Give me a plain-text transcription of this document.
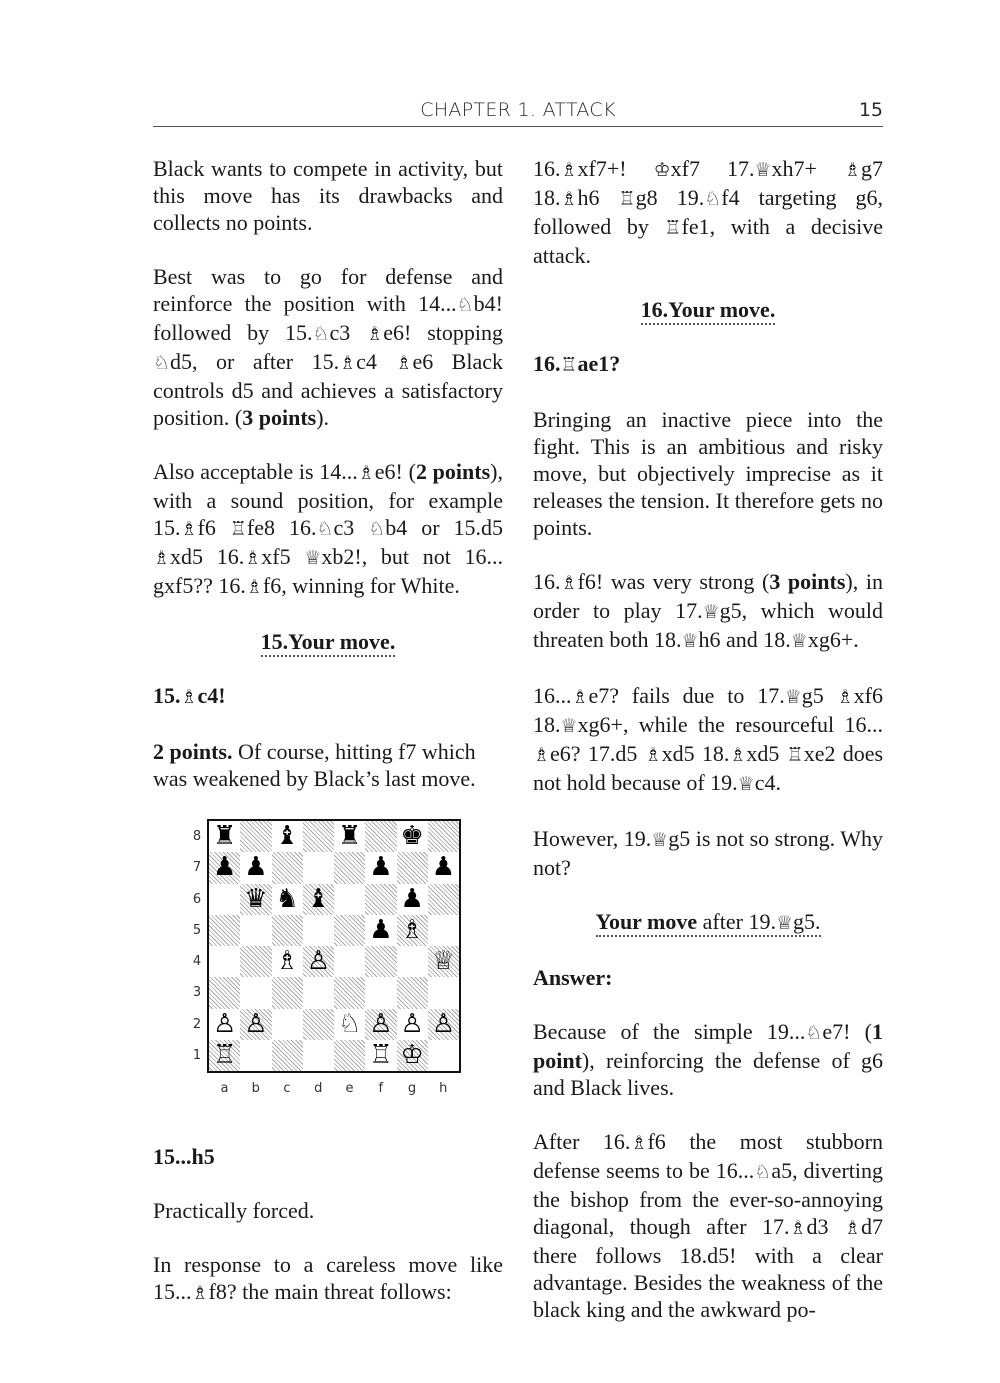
CHAPTER 1. ATTACK	15

Black wants to compete in activity, but this move has its drawbacks and collects no points.

Best was to go for defense and reinforce the position with 14...♘b4! followed by 15.♘c3 ♗e6! stopping ♘d5, or after 15.♗c4 ♗e6 Black controls d5 and achieves a satisfactory position. (3 points).

Also acceptable is 14...♗e6! (2 points), with a sound position, for example 15.♗f6 ♖fe8 16.♘c3 ♘b4 or 15.d5 ♗xd5 16.♗xf5 ♕xb2!, but not 16... gxf5?? 16.♗f6, winning for White.

15.Your move.

15.♗c4!

2 points. Of course, hitting f7 which was weakened by Black’s last move.

♜ ♝ ♜ ♚
♟ ♟	♟ ♟
♛ ♞ ♝	♟
♟ ♗
♗ ♙	♕
♙ ♙	♘ ♙ ♙ ♙
♖	♖ ♔
8
7
6
5
4
3
2
1
a	b	c	d	e	f	g	h

15...h5

Practically forced.

In response to a careless move like 15...♗f8? the main threat follows:

16.♗xf7+! ♔xf7 17.♕xh7+ ♗g7 18.♗h6 ♖g8 19.♘f4 targeting g6, followed by ♖fe1, with a decisive attack.

16.Your move.

16.♖ae1?

Bringing an inactive piece into the fight. This is an ambitious and risky move, but objectively imprecise as it releases the tension. It therefore gets no points.

16.♗f6! was very strong (3 points), in order to play 17.♕g5, which would threaten both 18.♕h6 and 18.♕xg6+.

16...♗e7? fails due to 17.♕g5 ♗xf6 18.♕xg6+, while the resourceful 16... ♗e6? 17.d5 ♗xd5 18.♗xd5 ♖xe2 does not hold because of 19.♕c4.

However, 19.♕g5 is not so strong. Why not?

Your move after 19.♕g5.

Answer:

Because of the simple 19...♘e7! (1 point), reinforcing the defense of g6 and Black lives.

After 16.♗f6 the most stubborn defense seems to be 16...♘a5, diverting the bishop from the ever-so-annoying diagonal, though after 17.♗d3 ♗d7 there follows 18.d5! with a clear advantage. Besides the weakness of the black king and the awkward po-
